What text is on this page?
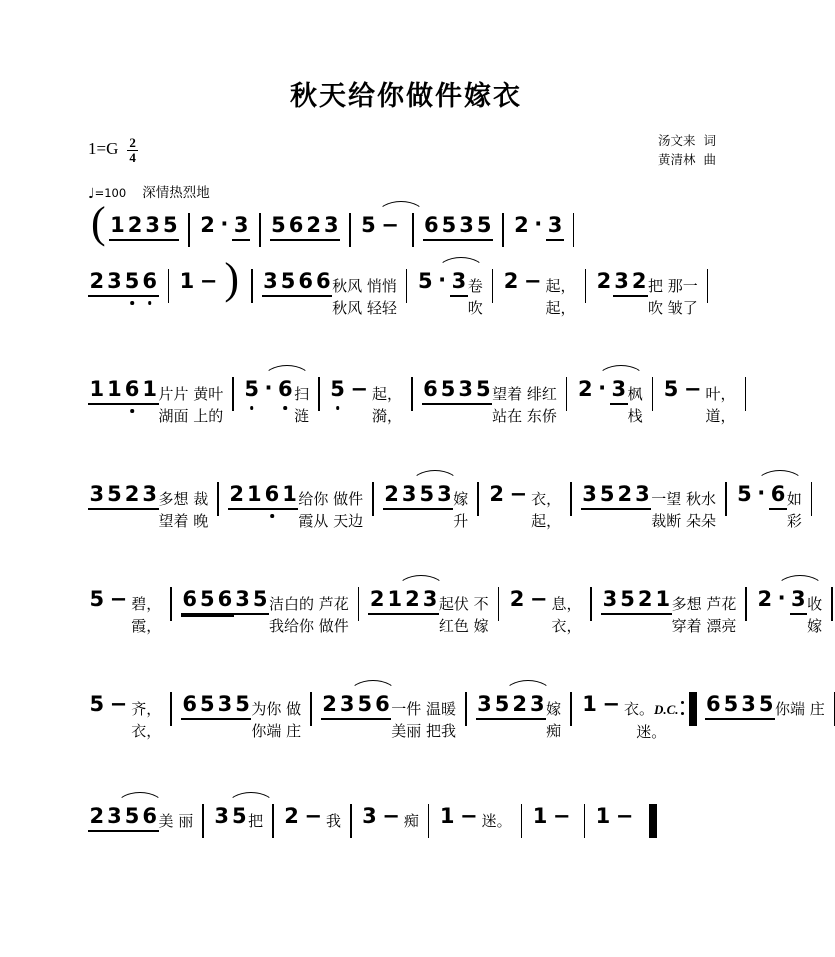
秋天给你做件嫁衣
$1=G \frac{2}{4}$	汤文来 词
黄清林 曲
♩=100 深情热烈地
( 1 2 3 5 2 · 3 5 6 2 3 5 − 6 5 3 5 2 · 3
2 3 5 6 1 − ) 3 5 6 6 秋风 悄悄
秋风 轻轻
5 · 3 卷
吹
2 − 起，
起，
2 3 2 把 那一
吹 皱了
1 1 6 1 片片 黄叶
湖面 上的
5 · 6 扫
涟
5 − 起，
漪，
6 5 3 5 望着 绯红
站在 东侨
2 · 3 枫
栈
5 − 叶，
道，
3 5 2 3 多想 裁
望着 晚
2 1 6 1 给你 做件
霞从 天边
2 3 5 3 嫁
升
2 − 衣，
起，
3 5 2 3 一望 秋水
裁断 朵朵
5 · 6 如
彩
5 − 碧，
霞，
6 5 6 3 5 洁白的 芦花
我给你 做件
2 1 2 3 起伏 不
红色 嫁
2 − 息，
衣，
3 5 2 1 多想 芦花
穿着 漂亮
2 · 3 收
嫁
5 − 齐，
衣，
6 5 3 5 为你 做
你端 庄
2 3 5 6 一件 温暖
美丽 把我
3 5 2 3 嫁
痴
1 − 衣。D.C.
迷。
6 5 3 5 你端 庄
2 3 5 6 美 丽 3 5 把 2 − 我 3 − 痴 1 − 迷。 1 − 1 −
